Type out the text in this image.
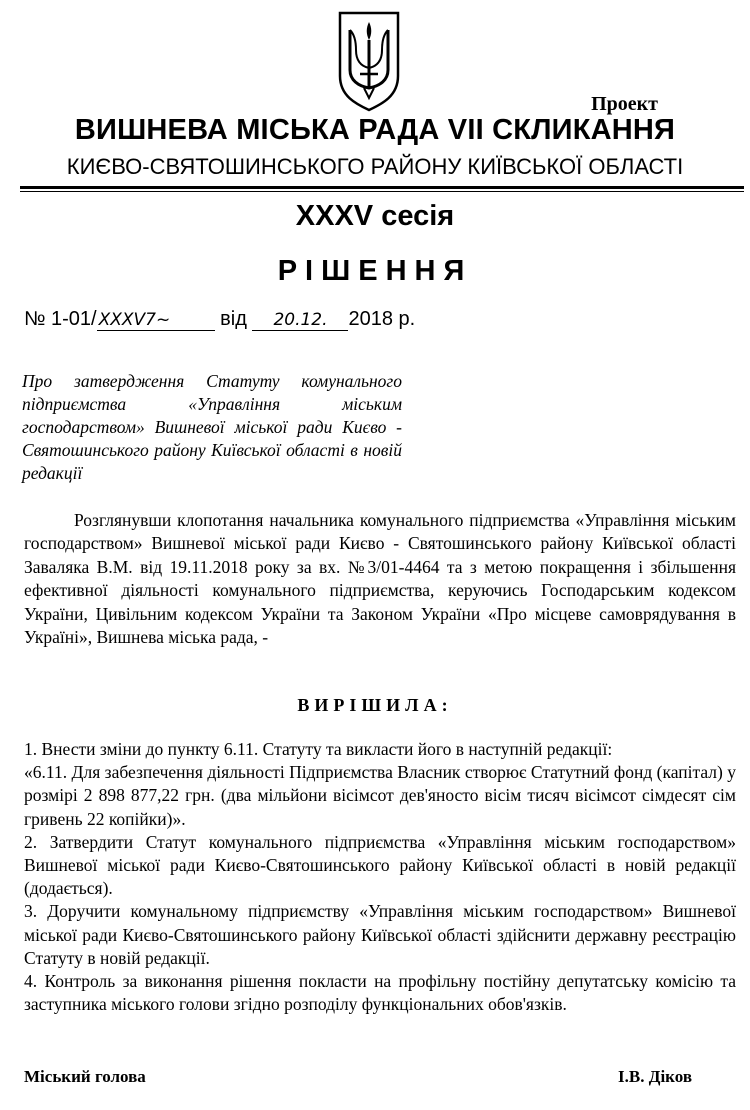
Проект
ВИШНЕВА МІСЬКА РАДА VII СКЛИКАННЯ
КИЄВО-СВЯТОШИНСЬКОГО РАЙОНУ КИЇВСЬКОЇ ОБЛАСТІ
XXXV сесія
РІШЕННЯ
№ 1-01/ XXXV7~ від 20.12. 2018 р.
Про затвердження Статуту комунального підприємства «Управління міським господарством» Вишневої міської ради Києво - Святошинського району Київської області в новій редакції
Розглянувши клопотання начальника комунального підприємства «Управління міським господарством» Вишневої міської ради Києво - Святошинського району Київської області Заваляка В.М. від 19.11.2018 року за вх. №3/01-4464 та з метою покращення і збільшення ефективної діяльності комунального підприємства, керуючись Господарським кодексом України, Цивільним кодексом України та Законом України «Про місцеве самоврядування в Україні», Вишнева міська рада, -
ВИРІШИЛА:

1. Внести зміни до пункту 6.11. Статуту та викласти його в наступній редакції:

«6.11. Для забезпечення діяльності Підприємства Власник створює Статутний фонд (капітал) у розмірі 2 898 877,22 грн. (два мільйони вісімсот дев'яносто вісім тисяч вісімсот сімдесят сім гривень 22 копійки)».

2. Затвердити Статут комунального підприємства «Управління міським господарством» Вишневої міської ради Києво-Святошинського району Київської області в новій редакції (додається).

3. Доручити комунальному підприємству «Управління міським господарством» Вишневої міської ради Києво-Святошинського району Київської області здійснити державну реєстрацію Статуту в новій редакції.

4. Контроль за виконання рішення покласти на профільну постійну депутатську комісію та заступника міського голови згідно розподілу функціональних обов'язків.

Міський голова	І.В. Діков
